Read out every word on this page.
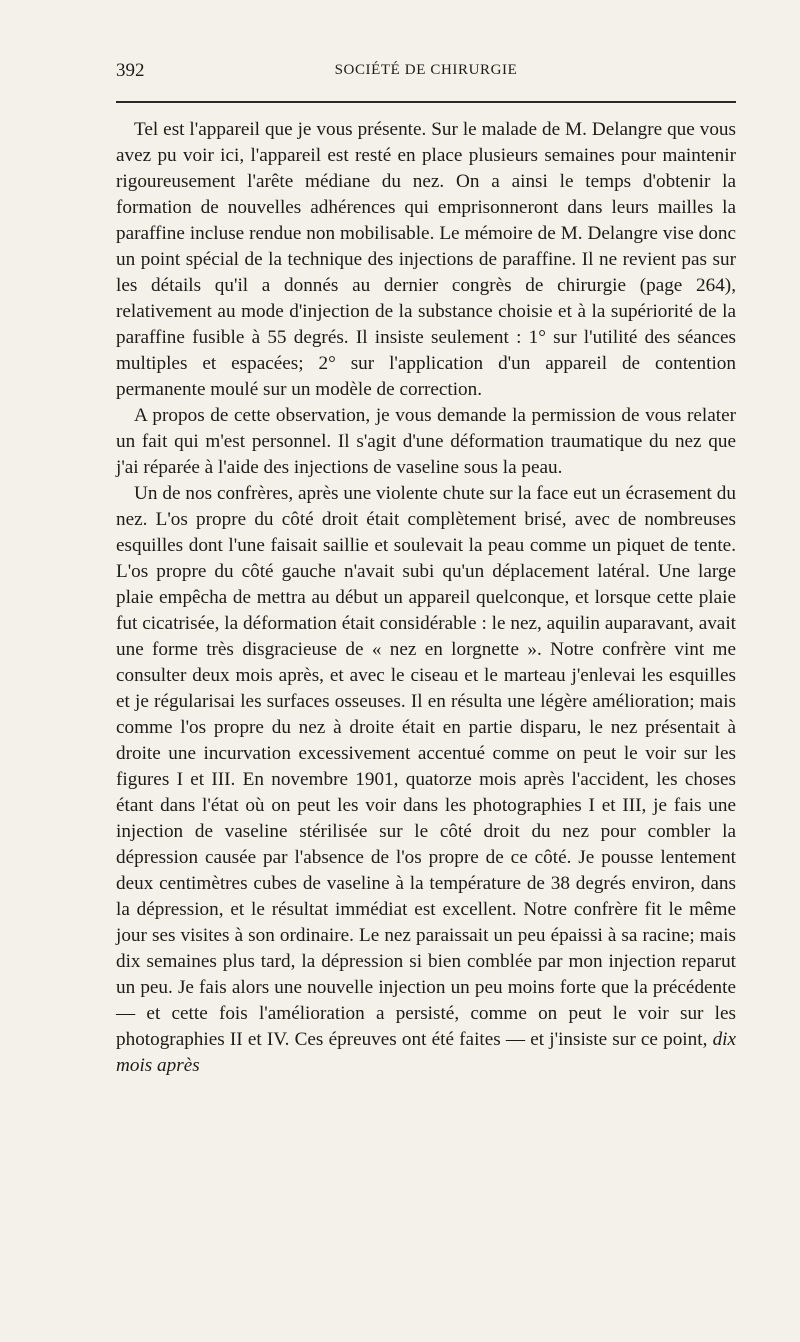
392	SOCIÉTÉ DE CHIRURGIE

Tel est l'appareil que je vous présente. Sur le malade de M. Delangre que vous avez pu voir ici, l'appareil est resté en place plusieurs semaines pour maintenir rigoureusement l'arête médiane du nez. On a ainsi le temps d'obtenir la formation de nouvelles adhérences qui emprisonneront dans leurs mailles la paraffine incluse rendue non mobilisable. Le mémoire de M. Delangre vise donc un point spécial de la technique des injections de paraffine. Il ne revient pas sur les détails qu'il a donnés au dernier congrès de chirurgie (page 264), relativement au mode d'injection de la substance choisie et à la supériorité de la paraffine fusible à 55 degrés. Il insiste seulement : 1° sur l'utilité des séances multiples et espacées; 2° sur l'application d'un appareil de contention permanente moulé sur un modèle de correction.

A propos de cette observation, je vous demande la permission de vous relater un fait qui m'est personnel. Il s'agit d'une déformation traumatique du nez que j'ai réparée à l'aide des injections de vaseline sous la peau.

Un de nos confrères, après une violente chute sur la face eut un écrasement du nez. L'os propre du côté droit était complètement brisé, avec de nombreuses esquilles dont l'une faisait saillie et soulevait la peau comme un piquet de tente. L'os propre du côté gauche n'avait subi qu'un déplacement latéral. Une large plaie empêcha de mettra au début un appareil quelconque, et lorsque cette plaie fut cicatrisée, la déformation était considérable : le nez, aquilin auparavant, avait une forme très disgracieuse de « nez en lorgnette ». Notre confrère vint me consulter deux mois après, et avec le ciseau et le marteau j'enlevai les esquilles et je régularisai les surfaces osseuses. Il en résulta une légère amélioration; mais comme l'os propre du nez à droite était en partie disparu, le nez présentait à droite une incurvation excessivement accentué comme on peut le voir sur les figures I et III. En novembre 1901, quatorze mois après l'accident, les choses étant dans l'état où on peut les voir dans les photographies I et III, je fais une injection de vaseline stérilisée sur le côté droit du nez pour combler la dépression causée par l'absence de l'os propre de ce côté. Je pousse lentement deux centimètres cubes de vaseline à la température de 38 degrés environ, dans la dépression, et le résultat immédiat est excellent. Notre confrère fit le même jour ses visites à son ordinaire. Le nez paraissait un peu épaissi à sa racine; mais dix semaines plus tard, la dépression si bien comblée par mon injection reparut un peu. Je fais alors une nouvelle injection un peu moins forte que la précédente — et cette fois l'amélioration a persisté, comme on peut le voir sur les photographies II et IV. Ces épreuves ont été faites — et j'insiste sur ce point, dix mois après
